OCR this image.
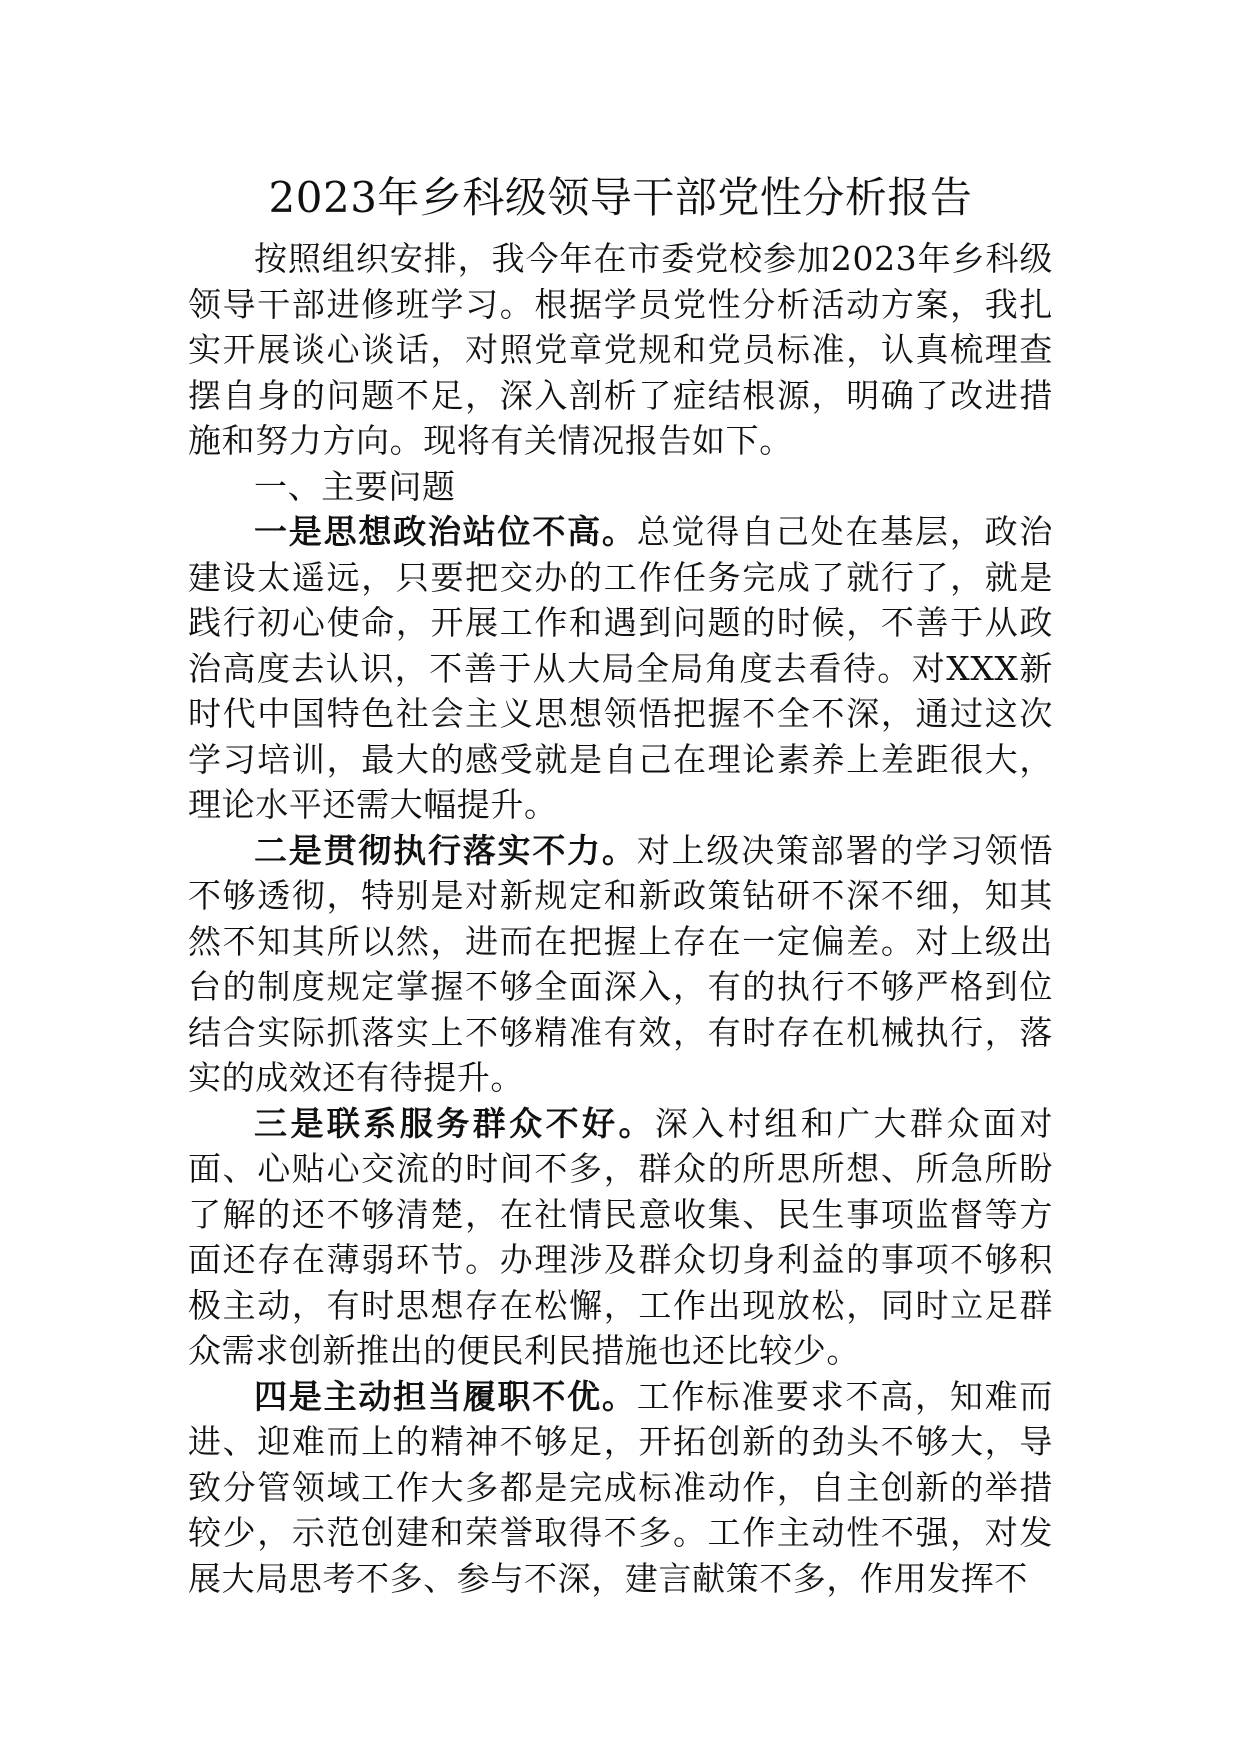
2023年乡科级领导干部党性分析报告

按照组织安排，我今年在市委党校参加2023年乡科级领导干部进修班学习。根据学员党性分析活动方案，我扎实开展谈心谈话，对照党章党规和党员标准，认真梳理查摆自身的问题不足，深入剖析了症结根源，明确了改进措施和努力方向。现将有关情况报告如下。

一、主要问题

一是思想政治站位不高。总觉得自己处在基层，政治建设太遥远，只要把交办的工作任务完成了就行了，就是践行初心使命，开展工作和遇到问题的时候，不善于从政治高度去认识，不善于从大局全局角度去看待。对XXX新时代中国特色社会主义思想领悟把握不全不深，通过这次学习培训，最大的感受就是自己在理论素养上差距很大，理论水平还需大幅提升。

二是贯彻执行落实不力。对上级决策部署的学习领悟不够透彻，特别是对新规定和新政策钻研不深不细，知其然不知其所以然，进而在把握上存在一定偏差。对上级出台的制度规定掌握不够全面深入，有的执行不够严格到位结合实际抓落实上不够精准有效，有时存在机械执行，落实的成效还有待提升。

三是联系服务群众不好。深入村组和广大群众面对面、心贴心交流的时间不多，群众的所思所想、所急所盼了解的还不够清楚，在社情民意收集、民生事项监督等方面还存在薄弱环节。办理涉及群众切身利益的事项不够积极主动，有时思想存在松懈，工作出现放松，同时立足群众需求创新推出的便民利民措施也还比较少。

四是主动担当履职不优。工作标准要求不高，知难而进、迎难而上的精神不够足，开拓创新的劲头不够大，导致分管领域工作大多都是完成标准动作，自主创新的举措较少，示范创建和荣誉取得不多。工作主动性不强，对发展大局思考不多、参与不深，建言献策不多，作用发挥不
